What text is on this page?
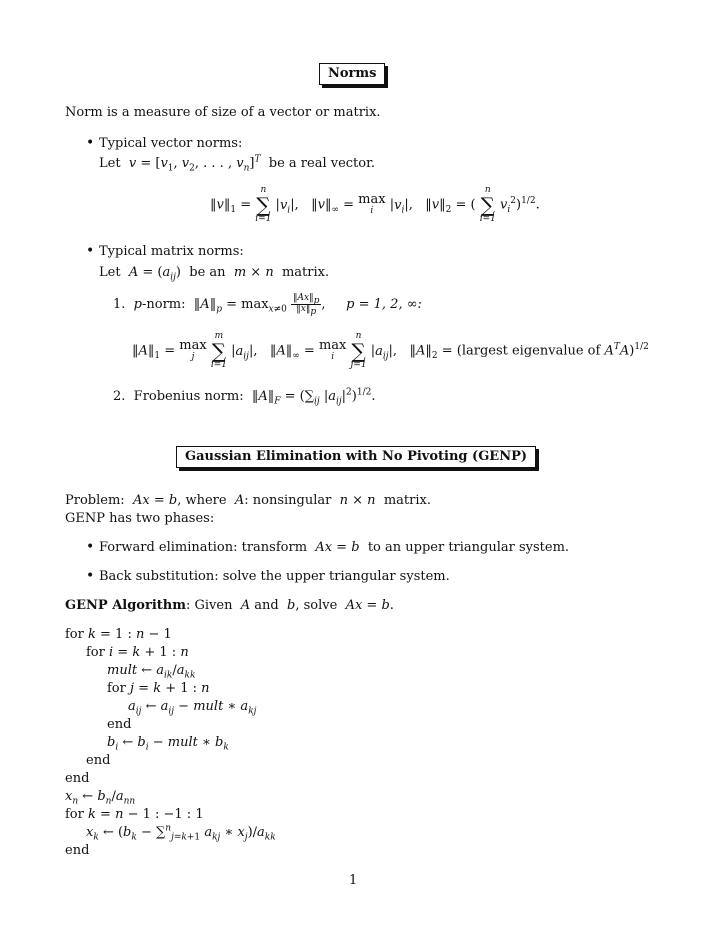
Norms
Norm is a measure of size of a vector or matrix.
• Typical vector norms:
Let $v = [v_1$, $v_2$, . . . , $v_n]^T$ be a real vector.
$‖v‖_1$ =
n
∑
i=1
$|v_i|$,   $‖v‖_\infty = \max$
i $|v_i|$,   $‖v‖_2$ = (
n
∑
i=1
$v_i^2)^{1/2}$.
• Typical matrix norms:
Let $A = (a_{ij})$  be an m × n matrix.
1. p-norm:  $‖A‖_p = \max_{x\ne 0} \frac{‖Ax‖_p}{‖x‖_p}$ ,     p = 1, 2, ∞:
$‖A‖_1 = \max$
j

m
∑
i=1
$|a_{ij}|$,   $‖A‖_\infty = \max$
i

n
∑
j=1
$|a_{ij}|$,   $‖A‖_2$ = (largest eigenvalue of $A^TA)^{1/2}$
2. Frobenius norm:  $‖A‖_F = (\sum_{ij}$ $|a_{ij}|^2)^{1/2}$.
Gaussian Elimination with No Pivoting (GENP)
Problem: Ax = b, where  A: nonsingular n × n matrix.
GENP has two phases:
• Forward elimination: transform Ax = b to an upper triangular system.
• Back substitution: solve the upper triangular system.
GENP Algorithm: Given  A and  b, solve Ax = b.
for k = 1 : n − 1
for i = k + 1 : n
mult ← $a_{ik}/a_{kk}$
for j = k + 1 : n
$a_{ij}$ ← $a_{ij}$ − mult ∗ $a_{kj}$
end
$b_i$ ← $b_i$ − mult ∗ $b_k$
end
end
$x_n$ ← $b_n/a_{nn}$
for k = n − 1 : −1 : 1
$x_k$ ← ($b_k - \sum^n_{j=k+1}$ $a_{kj}$ ∗ $x_j)/a_{kk}$
end
1
